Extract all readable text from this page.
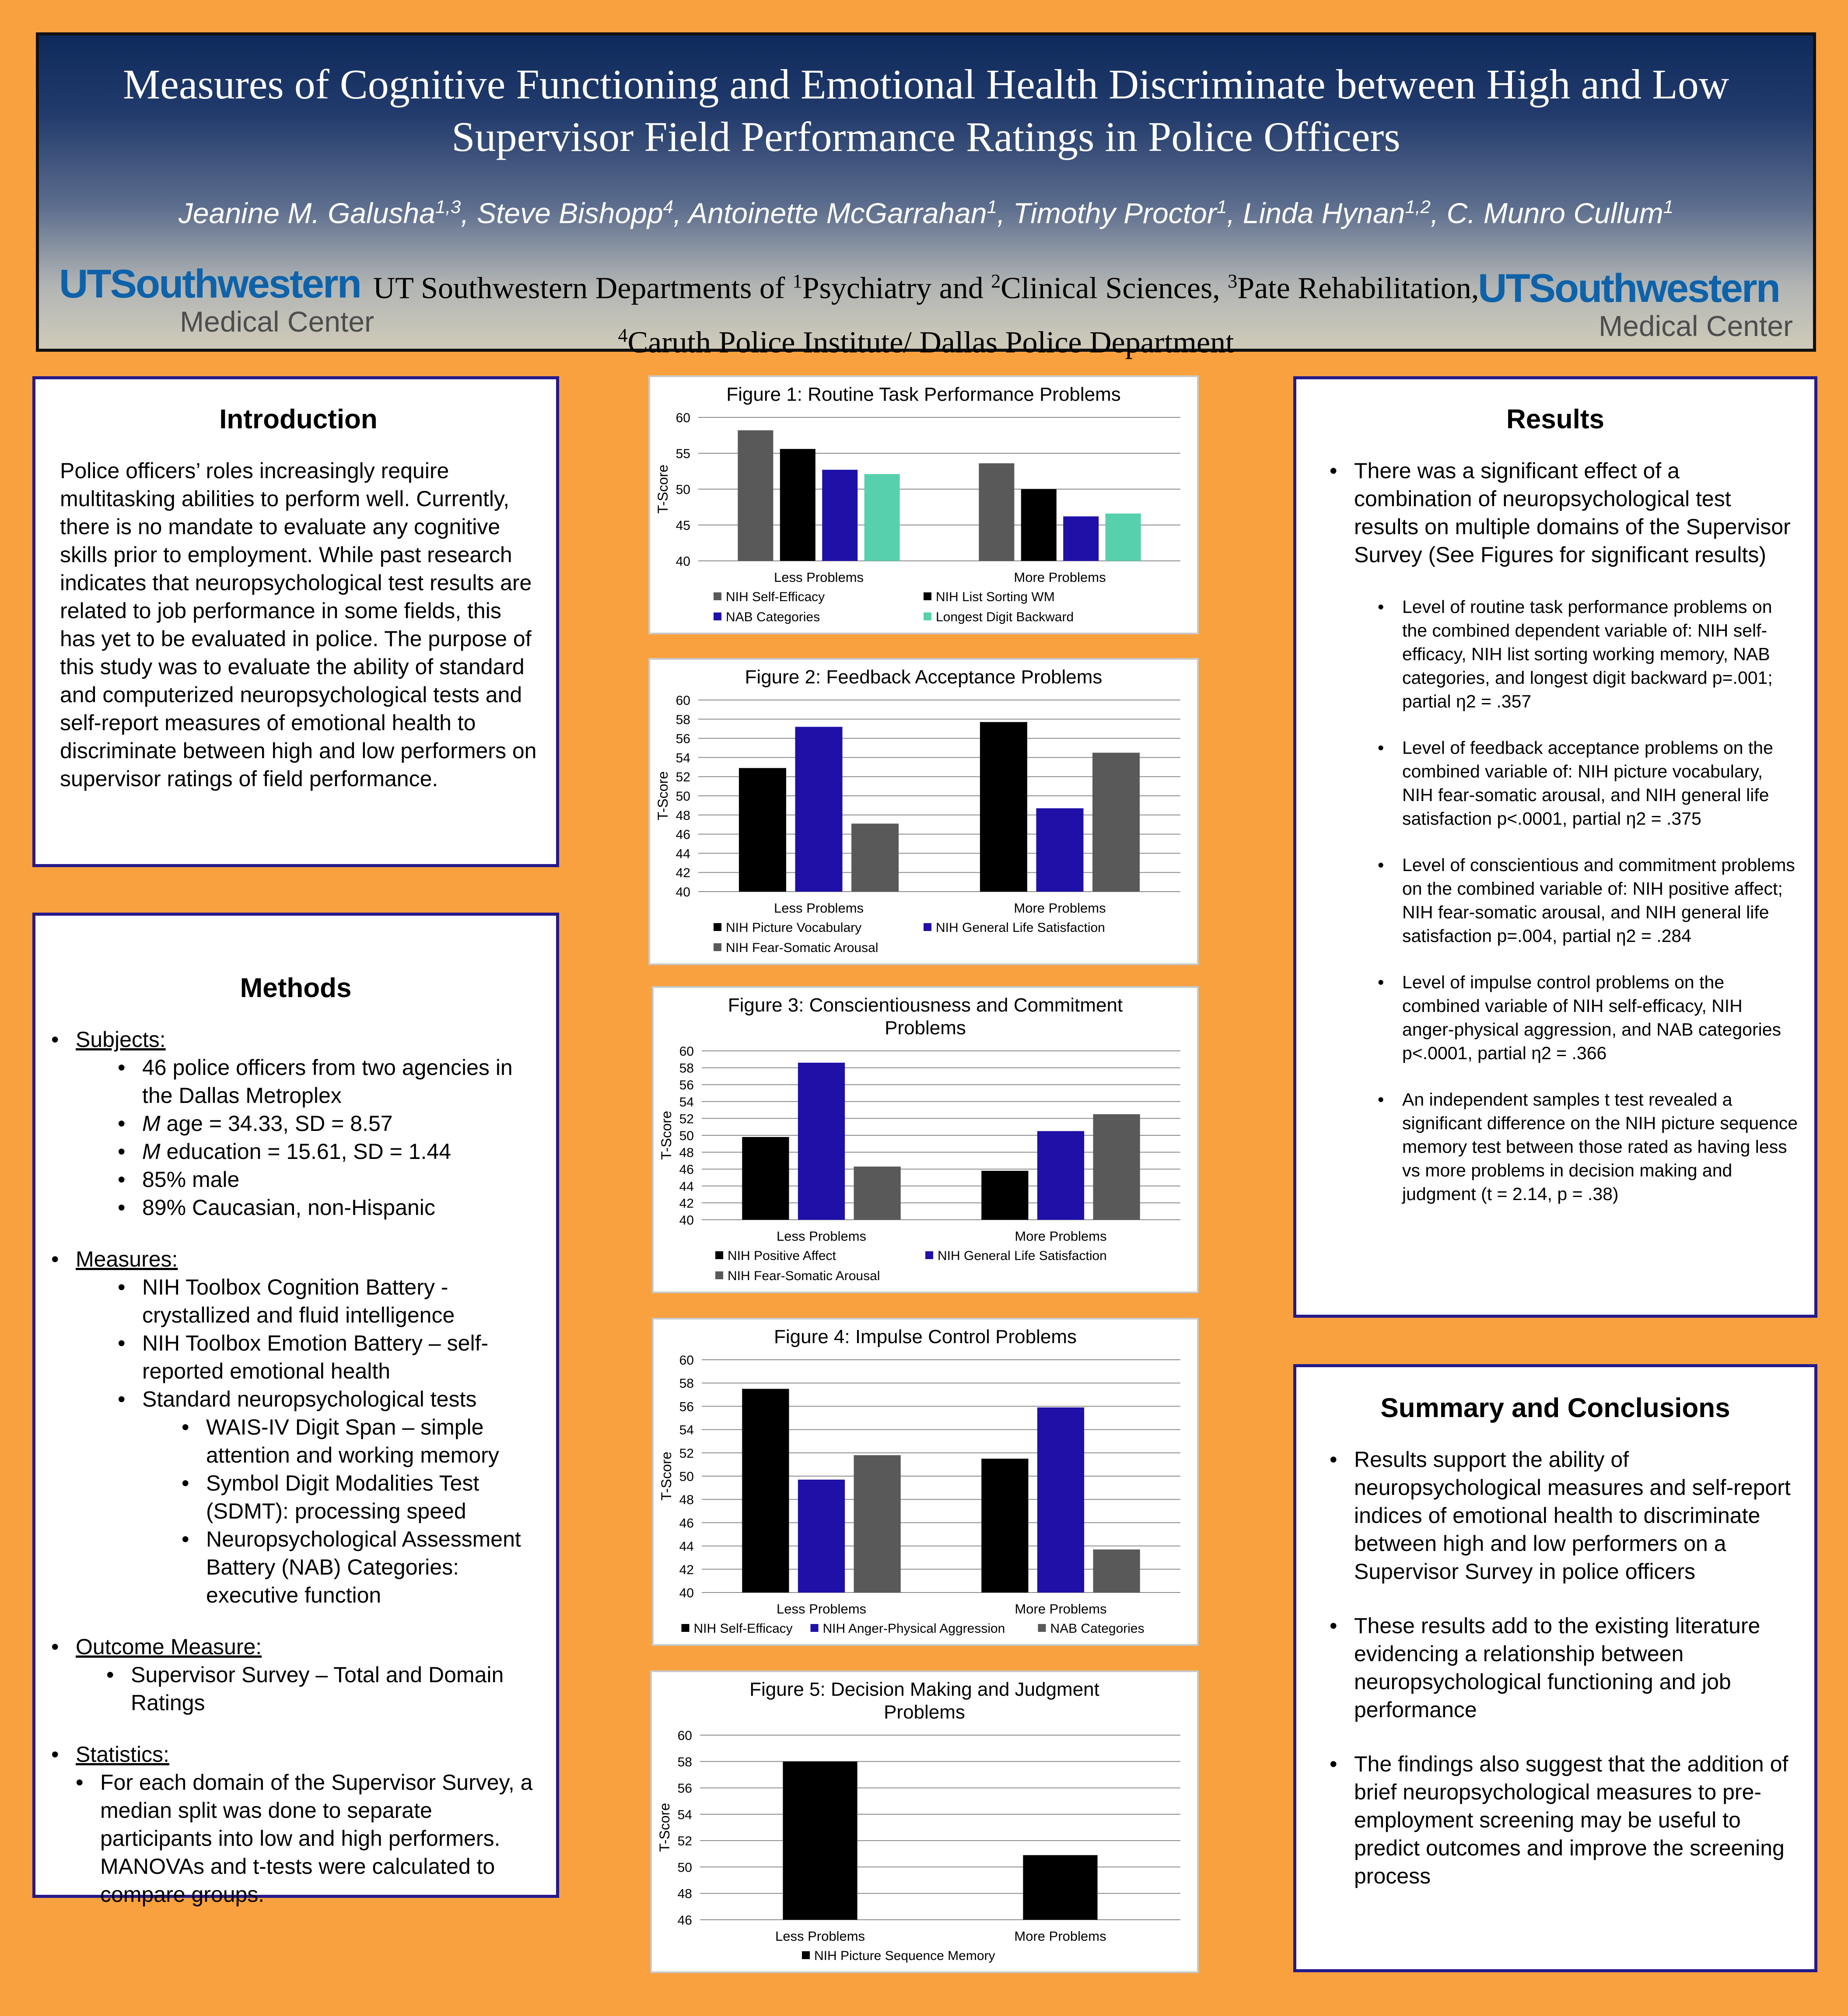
Measures of Cognitive Functioning and Emotional Health Discriminate between High and Low
Supervisor Field Performance Ratings in Police Officers
Jeanine M. Galusha$^{1,3}$, Steve Bishopp$^4$, Antoinette McGarrahan$^1$, Timothy Proctor$^1$, Linda Hynan$^{1,2}$, C. Munro Cullum$^1$
UT Southwestern Departments of $^1$Psychiatry and $^2$Clinical Sciences, $^3$Pate Rehabilitation,
$^4$Caruth Police Institute/ Dallas Police Department
UTSouthwestern
Medical Center
UTSouthwestern
Medical Center
Introduction

Police officers’ roles increasingly require multitasking abilities to perform well. Currently, there is no mandate to evaluate any cognitive skills prior to employment. While past research indicates that neuropsychological test results are related to job performance in some fields, this has yet to be evaluated in police. The purpose of this study was to evaluate the ability of standard and computerized neuropsychological tests and self-report measures of emotional health to discriminate between high and low performers on supervisor ratings of field performance.

Methods
• Subjects:
• 46 police officers from two agencies in the Dallas Metroplex
• M age = 34.33, SD = 8.57
• M education = 15.61, SD = 1.44
• 85% male
• 89% Caucasian, non-Hispanic
• Measures:
• NIH Toolbox Cognition Battery - crystallized and fluid intelligence
• NIH Toolbox Emotion Battery – self-reported emotional health
• Standard neuropsychological tests
• WAIS-IV Digit Span – simple attention and working memory
• Symbol Digit Modalities Test (SDMT): processing speed
• Neuropsychological Assessment Battery (NAB) Categories: executive function
• Outcome Measure:
• Supervisor Survey – Total and Domain Ratings
• Statistics:
• For each domain of the Supervisor Survey, a median split was done to separate participants into low and high performers. MANOVAs and t-tests were calculated to compare groups.
Figure 1: Routine Task Performance Problems
40
45
50
55
60
T-Score
Less Problems	More Problems
NIH Self-Efficacy	NIH List Sorting WM
NAB Categories	Longest Digit Backward
Figure 2: Feedback Acceptance Problems
40
42
44
46
48
50
52
54
56
58
60
T-Score
Less Problems	More Problems
NIH Picture Vocabulary	NIH General Life Satisfaction
NIH Fear-Somatic Arousal
Figure 3: Conscientiousness and Commitment
Problems
40
42
44
46
48
50
52
54
56
58
60
T-Score
Less Problems	More Problems
NIH Positive Affect	NIH General Life Satisfaction
NIH Fear-Somatic Arousal
Figure 4: Impulse Control Problems
40
42
44
46
48
50
52
54
56
58
60
T-Score
Less Problems	More Problems
NIH Self-Efficacy NIH Anger-Physical Aggression	NAB Categories
Figure 5: Decision Making and Judgment
Problems
46
48
50
52
54
56
58
60
T-Score
Less Problems	More Problems
NIH Picture Sequence Memory
Results
• There was a significant effect of a combination of neuropsychological test results on multiple domains of the Supervisor Survey (See Figures for significant results)
• Level of routine task performance problems on the combined dependent variable of: NIH self-efficacy, NIH list sorting working memory, NAB categories, and longest digit backward p=.001; partial η2 = .357
• Level of feedback acceptance problems on the combined variable of: NIH picture vocabulary, NIH fear-somatic arousal, and NIH general life satisfaction p<.0001, partial η2 = .375
• Level of conscientious and commitment problems on the combined variable of: NIH positive affect; NIH fear-somatic arousal, and NIH general life satisfaction p=.004, partial η2 = .284
• Level of impulse control problems on the combined variable of NIH self-efficacy, NIH anger-physical aggression, and NAB categories p<.0001, partial η2 = .366
• An independent samples t test revealed a significant difference on the NIH picture sequence memory test between those rated as having less vs more problems in decision making and judgment (t = 2.14, p = .38)
Summary and Conclusions
• Results support the ability of neuropsychological measures and self-report indices of emotional health to discriminate between high and low performers on a Supervisor Survey in police officers
• These results add to the existing literature evidencing a relationship between neuropsychological functioning and job performance
• The findings also suggest that the addition of brief neuropsychological measures to pre-employment screening may be useful to predict outcomes and improve the screening process
